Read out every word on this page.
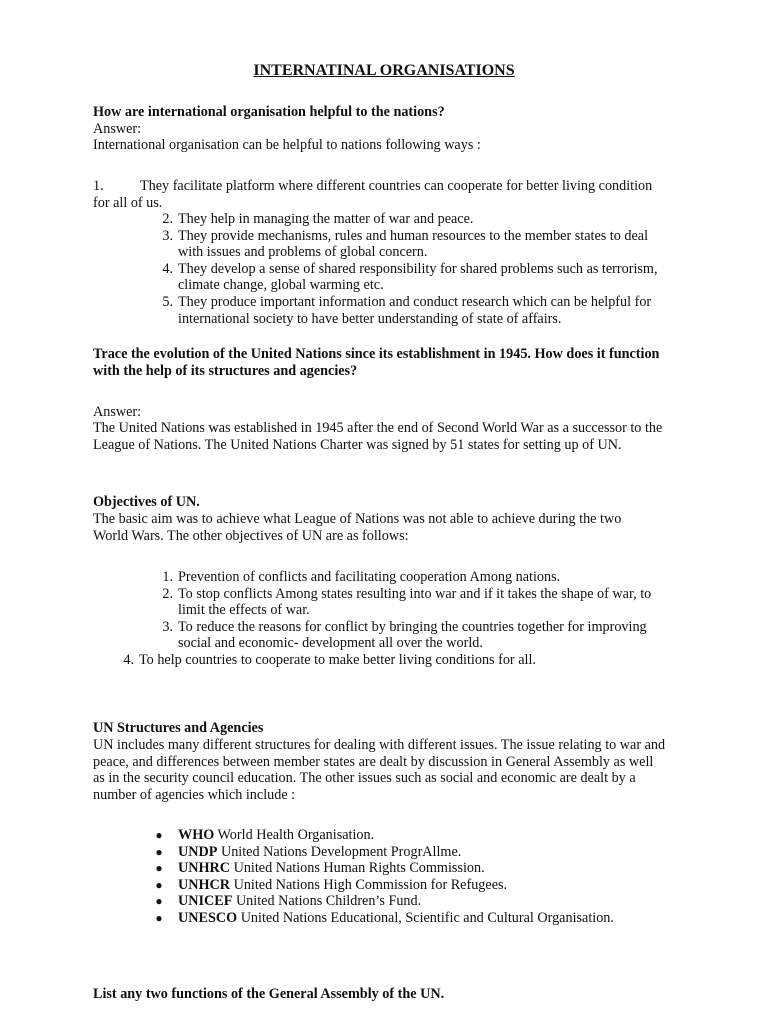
INTERNATINAL ORGANISATIONS

How are international organisation helpful to the nations?

Answer:

International organisation can be helpful to nations following ways :

1.	They facilitate platform where different countries can cooperate for better living condition for all of us.
2. They help in managing the matter of war and peace.
3. They provide mechanisms, rules and human resources to the member states to deal with issues and problems of global concern.
4. They develop a sense of shared responsibility for shared problems such as terrorism, climate change, global warming etc.
5. They produce important information and conduct research which can be helpful for international society to have better understanding of state of affairs.

Trace the evolution of the United Nations since its establishment in 1945. How does it function with the help of its structures and agencies?

Answer:

The United Nations was established in 1945 after the end of Second World War as a successor to the League of Nations. The United Nations Charter was signed by 51 states for setting up of UN.

Objectives of UN.

The basic aim was to achieve what League of Nations was not able to achieve during the two World Wars. The other objectives of UN are as follows:

1. Prevention of conflicts and facilitating cooperation Among nations.
2. To stop conflicts Among states resulting into war and if it takes the shape of war, to limit the effects of war.
3. To reduce the reasons for conflict by bringing the countries together for improving social and economic- development all over the world.
4. To help countries to cooperate to make better living conditions for all.

UN Structures and Agencies

UN includes many different structures for dealing with different issues. The issue relating to war and peace, and differences between member states are dealt by discussion in General Assembly as well as in the security council education. The other issues such as social and economic are dealt by a number of agencies which include :

● WHO World Health Organisation.
● UNDP United Nations Development ProgrAllme.
● UNHRC United Nations Human Rights Commission.
● UNHCR United Nations High Commission for Refugees.
● UNICEF United Nations Children’s Fund.
● UNESCO United Nations Educational, Scientific and Cultural Organisation.

List any two functions of the General Assembly of the UN.
